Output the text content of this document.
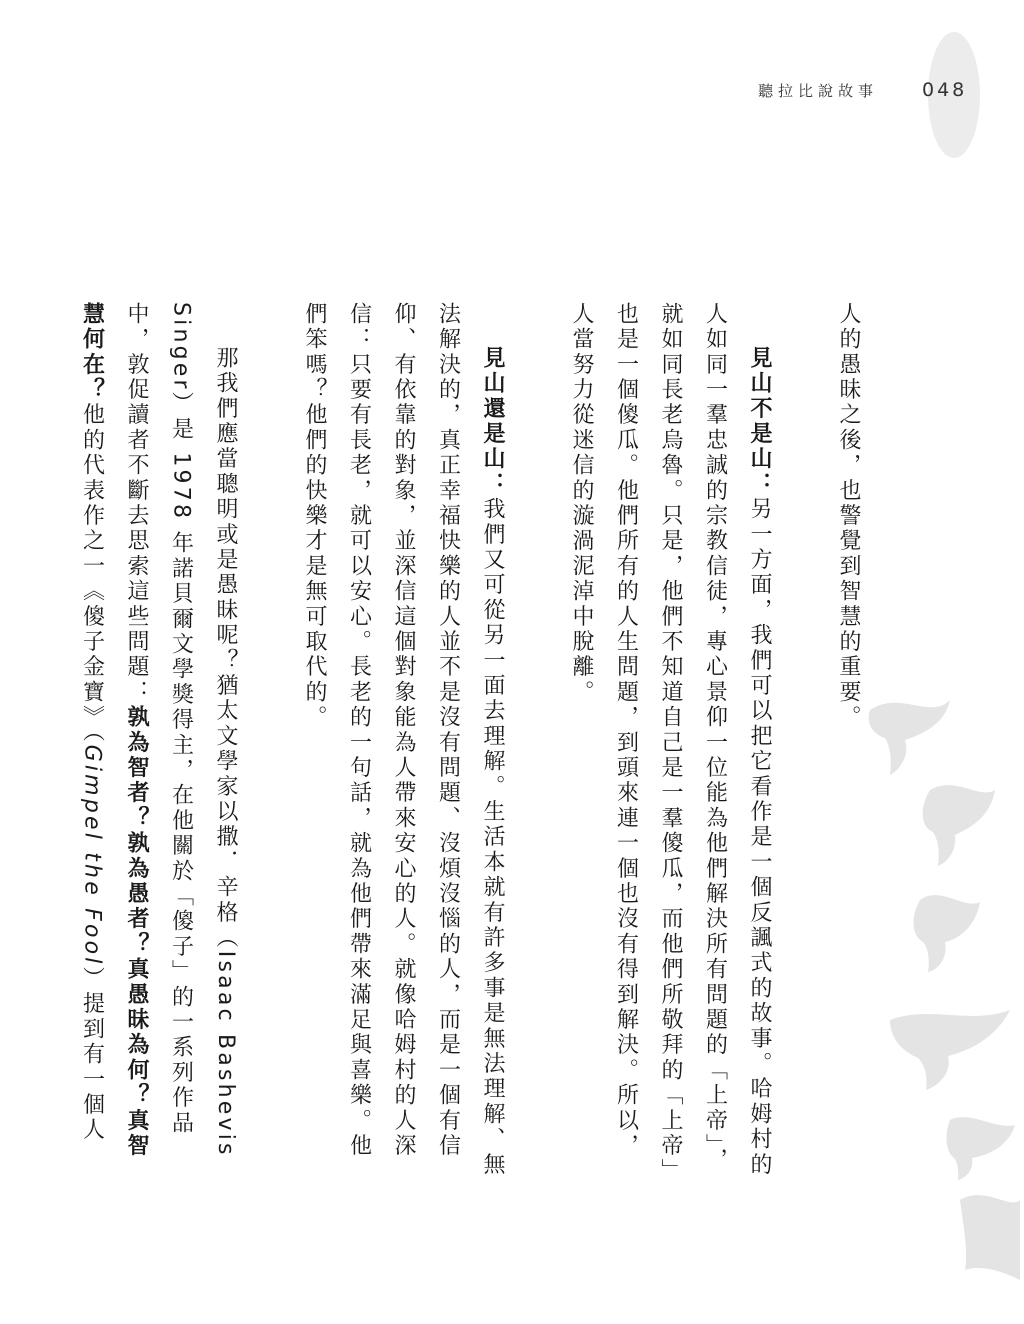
聽拉比說故事 048

人的愚昧之後，也警覺到智慧的重要。

見山不是山：另一方面，我們可以把它看作是一個反諷式的故事。哈姆村的人如同一羣忠誠的宗教信徒，專心景仰一位能為他們解決所有問題的「上帝」，就如同長老烏魯。只是，他們不知道自己是一羣傻瓜，而他們所敬拜的「上帝」也是一個傻瓜。他們所有的人生問題，到頭來連一個也沒有得到解決。所以，人當努力從迷信的漩渦泥淖中脫離。

見山還是山：我們又可從另一面去理解。生活本就有許多事是無法理解、無法解決的，真正幸福快樂的人並不是沒有問題、沒煩沒惱的人，而是一個有信仰、有依靠的對象，並深信這個對象能為人帶來安心的人。就像哈姆村的人深信：只要有長老，就可以安心。長老的一句話，就為他們帶來滿足與喜樂。他們笨嗎？他們的快樂才是無可取代的。

那我們應當聰明或是愚昧呢？猶太文學家以撒．辛格（Isaac Bashevis Singer）是 1978 年諾貝爾文學獎得主，在他關於「傻子」的一系列作品中，敦促讀者不斷去思索這些問題：孰為智者？孰為愚者？真愚昧為何？真智慧何在？他的代表作之一《傻子金寶》（Gimpel the Fool）提到有一個人
